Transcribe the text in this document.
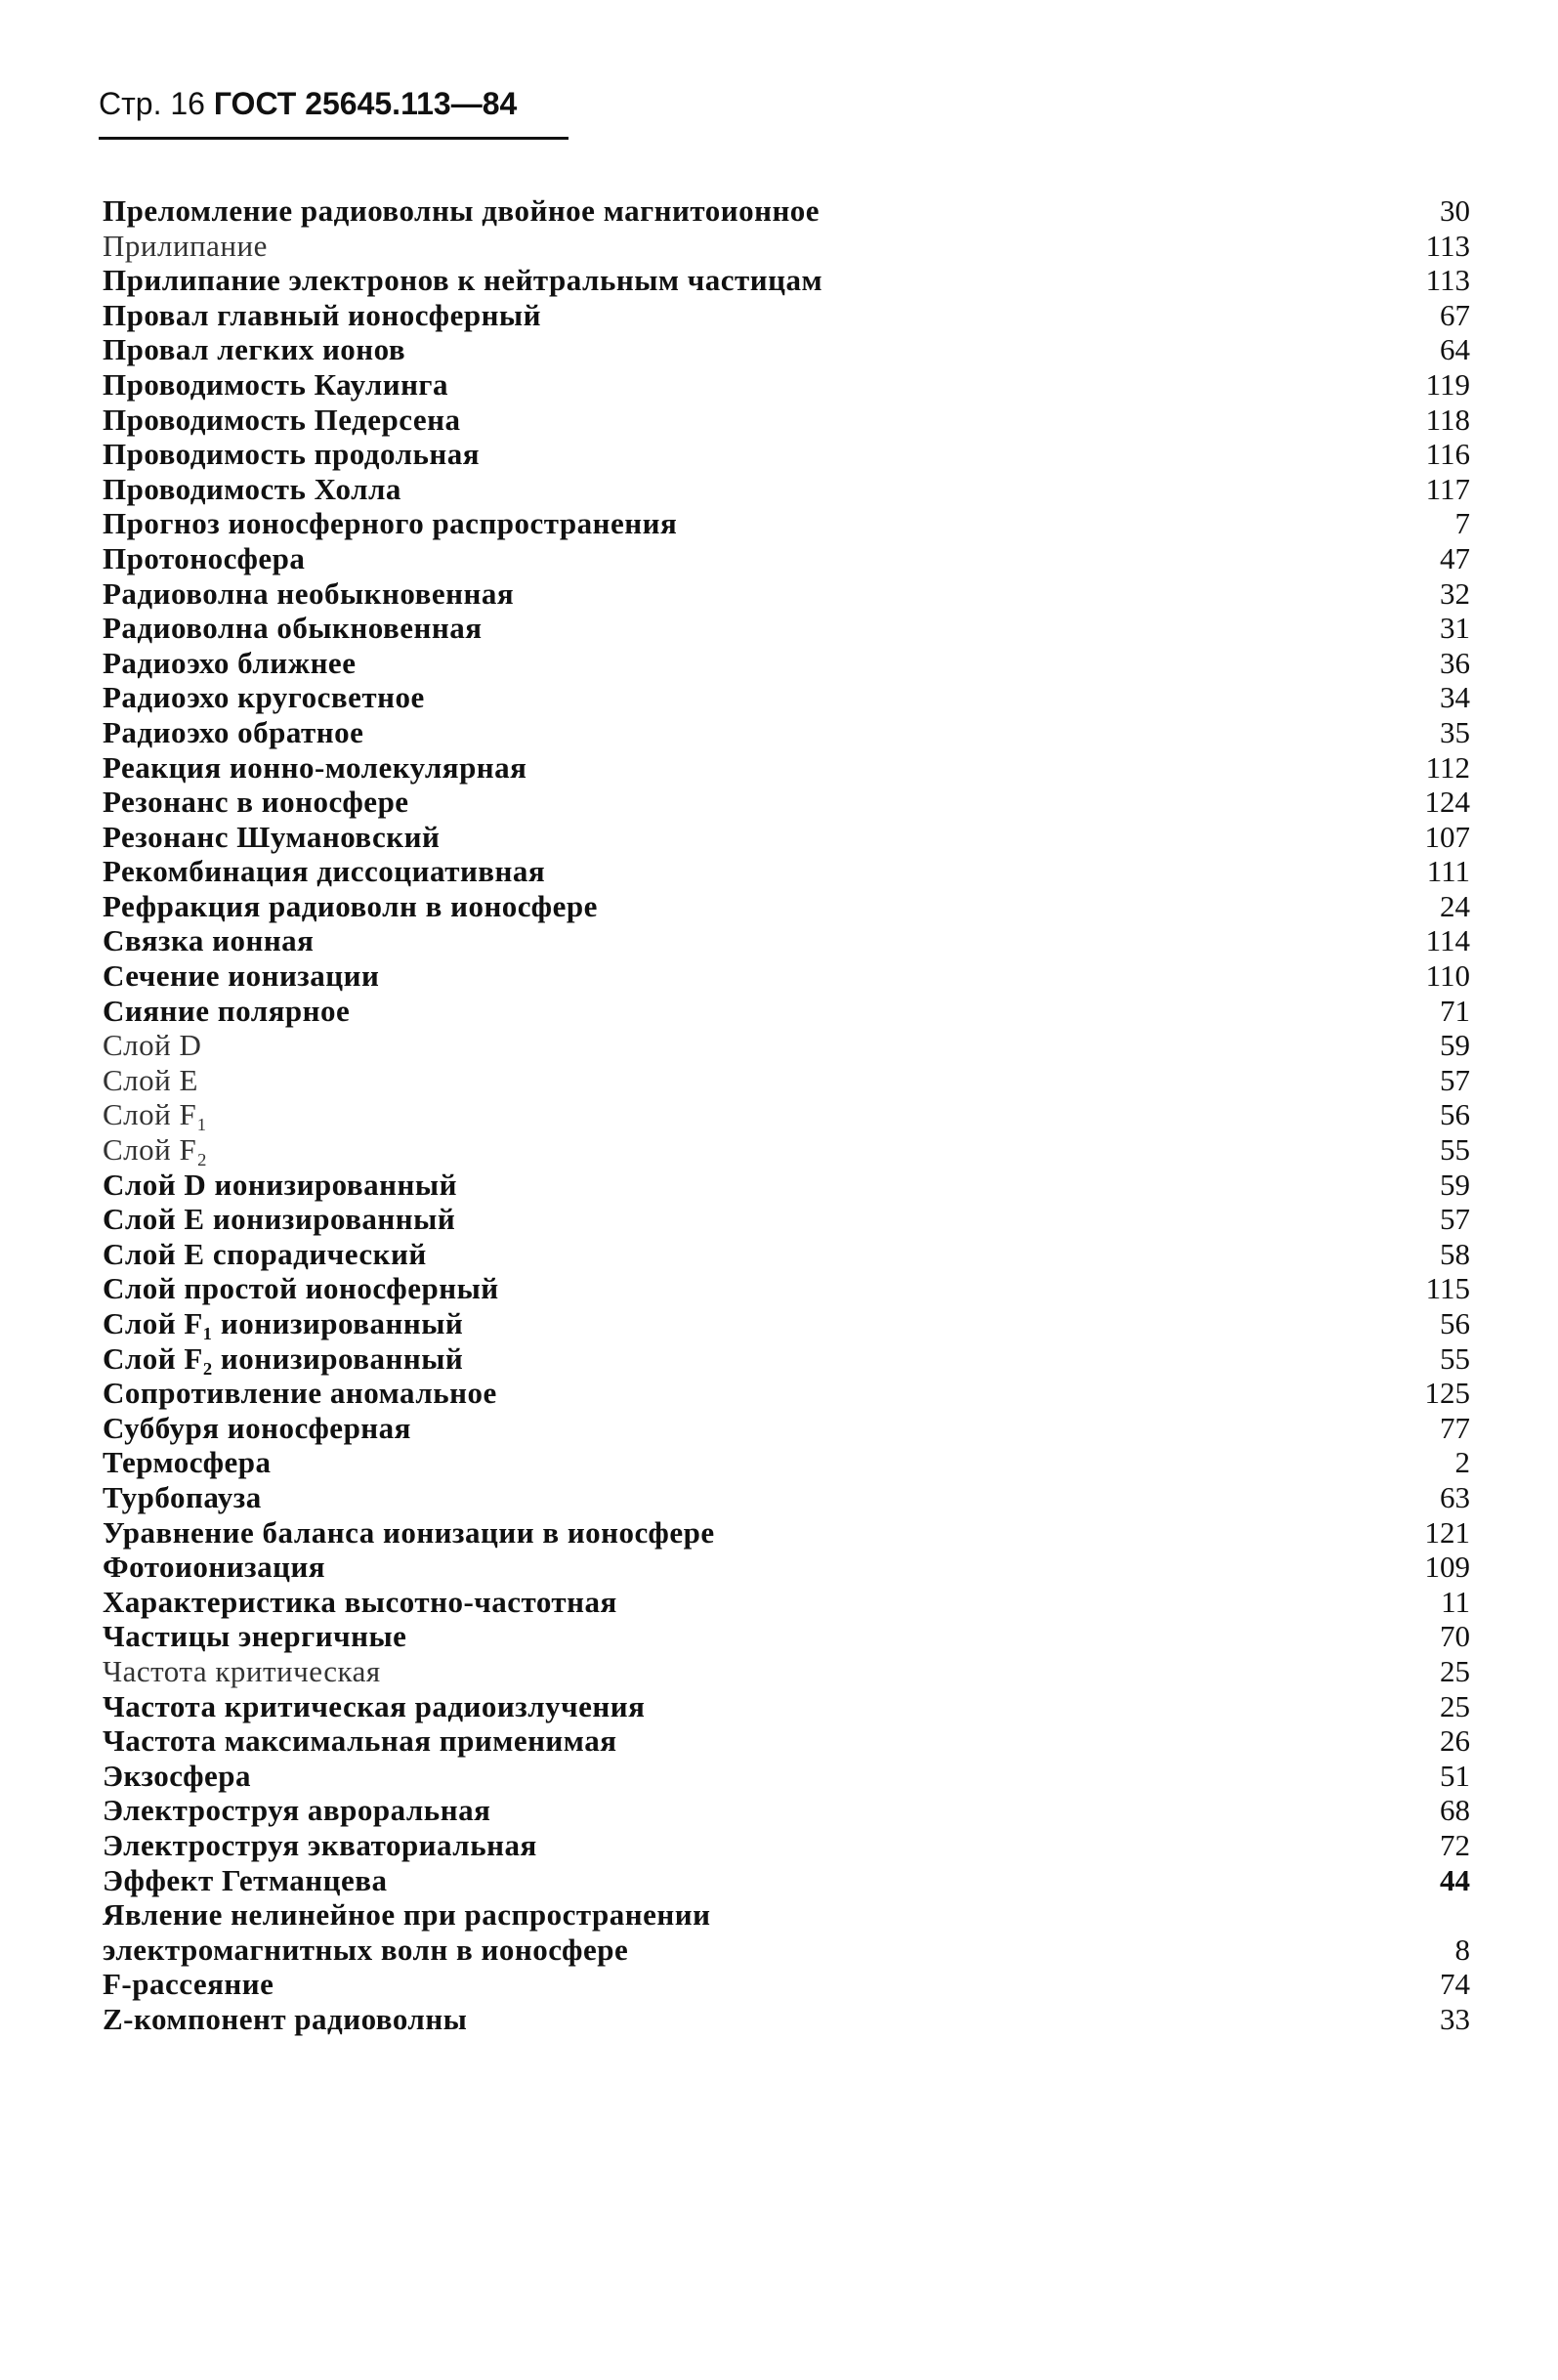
Стр. 16 ГОСТ 25645.113—84
Преломление радиоволны двойное магнитоионное	30
Прилипание	113
Прилипание электронов к нейтральным частицам	113
Провал главный ионосферный	67
Провал легких ионов	64
Проводимость Каулинга	119
Проводимость Педерсена	118
Проводимость продольная	116
Проводимость Холла	117
Прогноз ионосферного распространения	7
Протоносфера	47
Радиоволна необыкновенная	32
Радиоволна обыкновенная	31
Радиоэхо ближнее	36
Радиоэхо кругосветное	34
Радиоэхо обратное	35
Реакция ионно-молекулярная	112
Резонанс в ионосфере	124
Резонанс Шумановский	107
Рекомбинация диссоциативная	111
Рефракция радиоволн в ионосфере	24
Связка ионная	114
Сечение ионизации	110
Сияние полярное	71
Слой D	59
Слой E	57
Слой F₁	56
Слой F₂	55
Слой D ионизированный	59
Слой E ионизированный	57
Слой E спорадический	58
Слой простой ионосферный	115
Слой F₁ ионизированный	56
Слой F₂ ионизированный	55
Сопротивление аномальное	125
Суббуря ионосферная	77
Термосфера	2
Турбопауза	63
Уравнение баланса ионизации в ионосфере	121
Фотоионизация	109
Характеристика высотно-частотная	11
Частицы энергичные	70
Частота критическая	25
Частота критическая радиоизлучения	25
Частота максимальная применимая	26
Экзосфера	51
Электроструя авроральная	68
Электроструя экваториальная	72
Эффект Гетманцева	44
Явление нелинейное при распространении
электромагнитных волн в ионосфере	8
F-рассеяние	74
Z-компонент радиоволны	33
